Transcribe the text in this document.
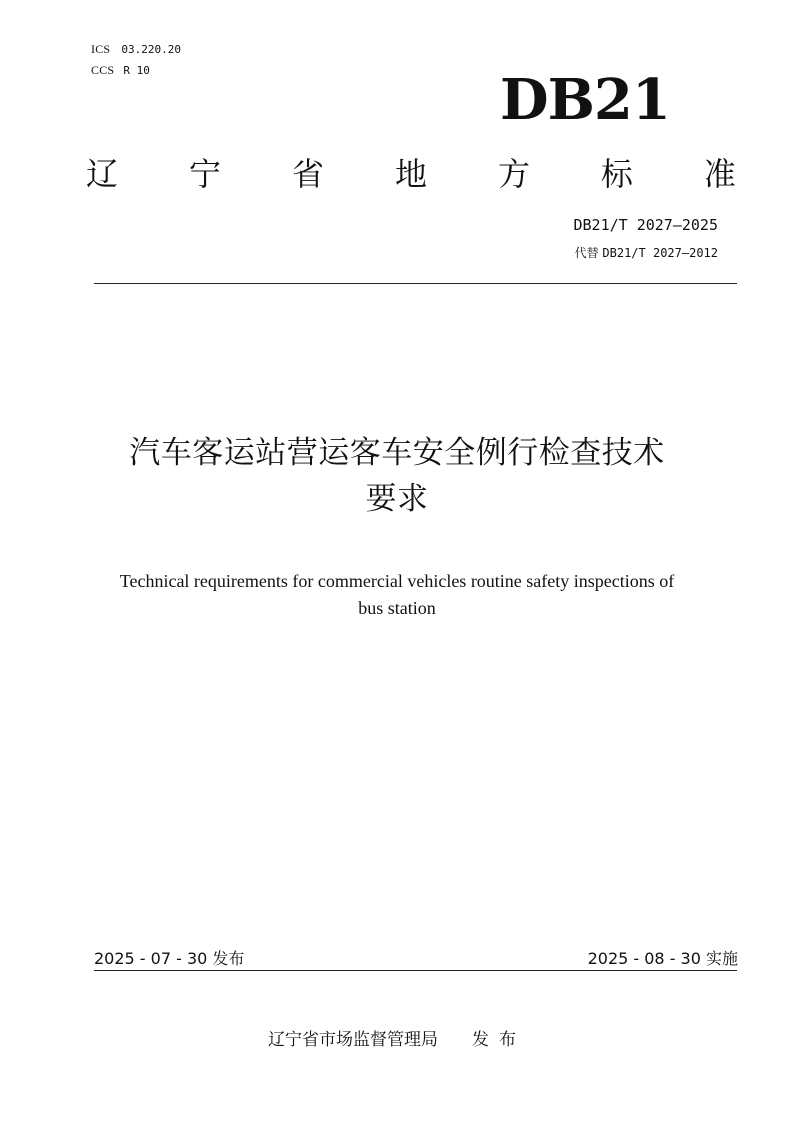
ICS 03.220.20
CCS R 10	DB21
辽 宁 省 地 方 标 准
DB21/T 2027—2025
代替 DB21/T 2027—2012
汽车客运站营运客车安全例行检查技术
要求
Technical requirements for commercial vehicles routine safety inspections of
bus station
2025 - 07 - 30 发布	2025 - 08 - 30 实施
辽宁省市场监督管理局 发布
